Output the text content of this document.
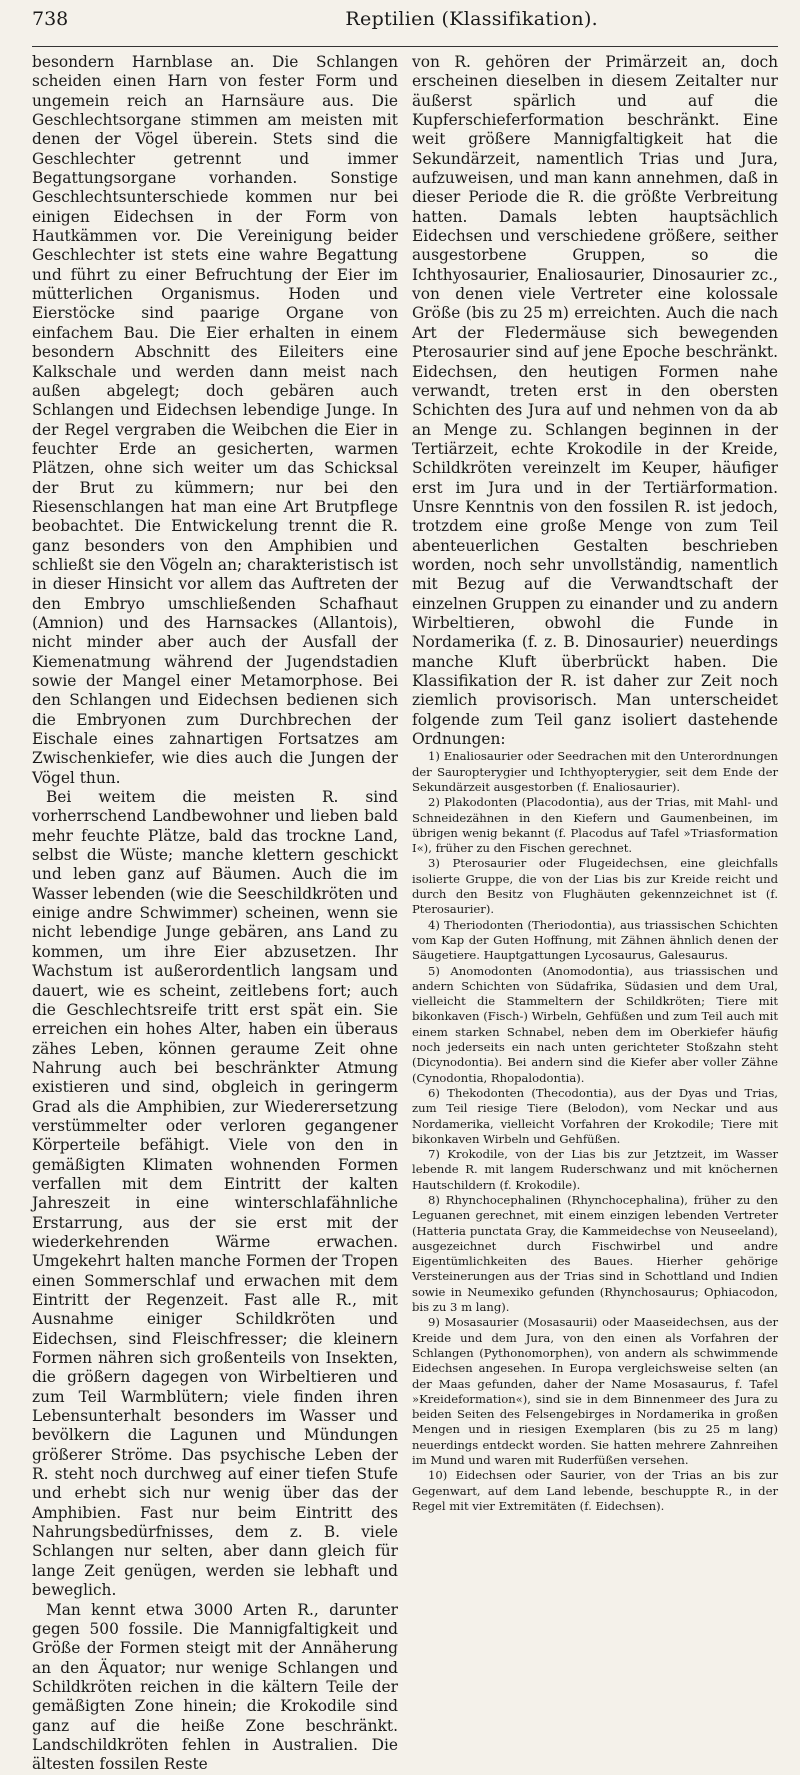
738	Reptilien (Klassifikation).

besondern Harnblase an. Die Schlangen scheiden einen Harn von fester Form und ungemein reich an Harnsäure aus. Die Geschlechtsorgane stimmen am meisten mit denen der Vögel überein. Stets sind die Geschlechter getrennt und immer Begattungsorgane vorhanden. Sonstige Geschlechtsunterschiede kommen nur bei einigen Eidechsen in der Form von Hautkämmen vor. Die Vereinigung beider Geschlechter ist stets eine wahre Begattung und führt zu einer Befruchtung der Eier im mütterlichen Organismus. Hoden und Eierstöcke sind paarige Organe von einfachem Bau. Die Eier erhalten in einem besondern Abschnitt des Eileiters eine Kalkschale und werden dann meist nach außen abgelegt; doch gebären auch Schlangen und Eidechsen lebendige Junge. In der Regel vergraben die Weibchen die Eier in feuchter Erde an gesicherten, warmen Plätzen, ohne sich weiter um das Schicksal der Brut zu kümmern; nur bei den Riesenschlangen hat man eine Art Brutpflege beobachtet. Die Entwickelung trennt die R. ganz besonders von den Amphibien und schließt sie den Vögeln an; charakteristisch ist in dieser Hinsicht vor allem das Auftreten der den Embryo umschließenden Schafhaut (Amnion) und des Harnsackes (Allantois), nicht minder aber auch der Ausfall der Kiemenatmung während der Jugendstadien sowie der Mangel einer Metamorphose. Bei den Schlangen und Eidechsen bedienen sich die Embryonen zum Durchbrechen der Eischale eines zahnartigen Fortsatzes am Zwischenkiefer, wie dies auch die Jungen der Vögel thun.

Bei weitem die meisten R. sind vorherrschend Landbewohner und lieben bald mehr feuchte Plätze, bald das trockne Land, selbst die Wüste; manche klettern geschickt und leben ganz auf Bäumen. Auch die im Wasser lebenden (wie die Seeschildkröten und einige andre Schwimmer) scheinen, wenn sie nicht lebendige Junge gebären, ans Land zu kommen, um ihre Eier abzusetzen. Ihr Wachstum ist außerordentlich langsam und dauert, wie es scheint, zeitlebens fort; auch die Geschlechtsreife tritt erst spät ein. Sie erreichen ein hohes Alter, haben ein überaus zähes Leben, können geraume Zeit ohne Nahrung auch bei beschränkter Atmung existieren und sind, obgleich in geringerm Grad als die Amphibien, zur Wiederersetzung verstümmelter oder verloren gegangener Körperteile befähigt. Viele von den in gemäßigten Klimaten wohnenden Formen verfallen mit dem Eintritt der kalten Jahreszeit in eine winterschlafähnliche Erstarrung, aus der sie erst mit der wiederkehrenden Wärme erwachen. Umgekehrt halten manche Formen der Tropen einen Sommerschlaf und erwachen mit dem Eintritt der Regenzeit. Fast alle R., mit Ausnahme einiger Schildkröten und Eidechsen, sind Fleischfresser; die kleinern Formen nähren sich großenteils von Insekten, die größern dagegen von Wirbeltieren und zum Teil Warmblütern; viele finden ihren Lebensunterhalt besonders im Wasser und bevölkern die Lagunen und Mündungen größerer Ströme. Das psychische Leben der R. steht noch durchweg auf einer tiefen Stufe und erhebt sich nur wenig über das der Amphibien. Fast nur beim Eintritt des Nahrungsbedürfnisses, dem z. B. viele Schlangen nur selten, aber dann gleich für lange Zeit genügen, werden sie lebhaft und beweglich.

Man kennt etwa 3000 Arten R., darunter gegen 500 fossile. Die Mannigfaltigkeit und Größe der Formen steigt mit der Annäherung an den Äquator; nur wenige Schlangen und Schildkröten reichen in die kältern Teile der gemäßigten Zone hinein; die Krokodile sind ganz auf die heiße Zone beschränkt. Landschildkröten fehlen in Australien. Die ältesten fossilen Reste

von R. gehören der Primärzeit an, doch erscheinen dieselben in diesem Zeitalter nur äußerst spärlich und auf die Kupferschieferformation beschränkt. Eine weit größere Mannigfaltigkeit hat die Sekundärzeit, namentlich Trias und Jura, aufzuweisen, und man kann annehmen, daß in dieser Periode die R. die größte Verbreitung hatten. Damals lebten hauptsächlich Eidechsen und verschiedene größere, seither ausgestorbene Gruppen, so die Ichthyosaurier, Enaliosaurier, Dinosaurier zc., von denen viele Vertreter eine kolossale Größe (bis zu 25 m) erreichten. Auch die nach Art der Fledermäuse sich bewegenden Pterosaurier sind auf jene Epoche beschränkt. Eidechsen, den heutigen Formen nahe verwandt, treten erst in den obersten Schichten des Jura auf und nehmen von da ab an Menge zu. Schlangen beginnen in der Tertiärzeit, echte Krokodile in der Kreide, Schildkröten vereinzelt im Keuper, häufiger erst im Jura und in der Tertiärformation. Unsre Kenntnis von den fossilen R. ist jedoch, trotzdem eine große Menge von zum Teil abenteuerlichen Gestalten beschrieben worden, noch sehr unvollständig, namentlich mit Bezug auf die Verwandtschaft der einzelnen Gruppen zu einander und zu andern Wirbeltieren, obwohl die Funde in Nordamerika (f. z. B. Dinosaurier) neuerdings manche Kluft überbrückt haben. Die Klassifikation der R. ist daher zur Zeit noch ziemlich provisorisch. Man unterscheidet folgende zum Teil ganz isoliert dastehende Ordnungen:

1) Enaliosaurier oder Seedrachen mit den Unterordnungen der Sauropterygier und Ichthyopterygier, seit dem Ende der Sekundärzeit ausgestorben (f. Enaliosaurier).

2) Plakodonten (Placodontia), aus der Trias, mit Mahl- und Schneidezähnen in den Kiefern und Gaumenbeinen, im übrigen wenig bekannt (f. Placodus auf Tafel »Triasformation I«), früher zu den Fischen gerechnet.

3) Pterosaurier oder Flugeidechsen, eine gleichfalls isolierte Gruppe, die von der Lias bis zur Kreide reicht und durch den Besitz von Flughäuten gekennzeichnet ist (f. Pterosaurier).

4) Theriodonten (Theriodontia), aus triassischen Schichten vom Kap der Guten Hoffnung, mit Zähnen ähnlich denen der Säugetiere. Hauptgattungen Lycosaurus, Galesaurus.

5) Anomodonten (Anomodontia), aus triassischen und andern Schichten von Südafrika, Südasien und dem Ural, vielleicht die Stammeltern der Schildkröten; Tiere mit bikonkaven (Fisch-) Wirbeln, Gehfüßen und zum Teil auch mit einem starken Schnabel, neben dem im Oberkiefer häufig noch jederseits ein nach unten gerichteter Stoßzahn steht (Dicynodontia). Bei andern sind die Kiefer aber voller Zähne (Cynodontia, Rhopalodontia).

6) Thekodonten (Thecodontia), aus der Dyas und Trias, zum Teil riesige Tiere (Belodon), vom Neckar und aus Nordamerika, vielleicht Vorfahren der Krokodile; Tiere mit bikonkaven Wirbeln und Gehfüßen.

7) Krokodile, von der Lias bis zur Jetztzeit, im Wasser lebende R. mit langem Ruderschwanz und mit knöchernen Hautschildern (f. Krokodile).

8) Rhynchocephalinen (Rhynchocephalina), früher zu den Leguanen gerechnet, mit einem einzigen lebenden Vertreter (Hatteria punctata Gray, die Kammeidechse von Neuseeland), ausgezeichnet durch Fischwirbel und andre Eigentümlichkeiten des Baues. Hierher gehörige Versteinerungen aus der Trias sind in Schottland und Indien sowie in Neumexiko gefunden (Rhynchosaurus; Ophiacodon, bis zu 3 m lang).

9) Mosasaurier (Mosasaurii) oder Maaseidechsen, aus der Kreide und dem Jura, von den einen als Vorfahren der Schlangen (Pythonomorphen), von andern als schwimmende Eidechsen angesehen. In Europa vergleichsweise selten (an der Maas gefunden, daher der Name Mosasaurus, f. Tafel »Kreideformation«), sind sie in dem Binnenmeer des Jura zu beiden Seiten des Felsengebirges in Nordamerika in großen Mengen und in riesigen Exemplaren (bis zu 25 m lang) neuerdings entdeckt worden. Sie hatten mehrere Zahnreihen im Mund und waren mit Ruderfüßen versehen.

10) Eidechsen oder Saurier, von der Trias an bis zur Gegenwart, auf dem Land lebende, beschuppte R., in der Regel mit vier Extremitäten (f. Eidechsen).
